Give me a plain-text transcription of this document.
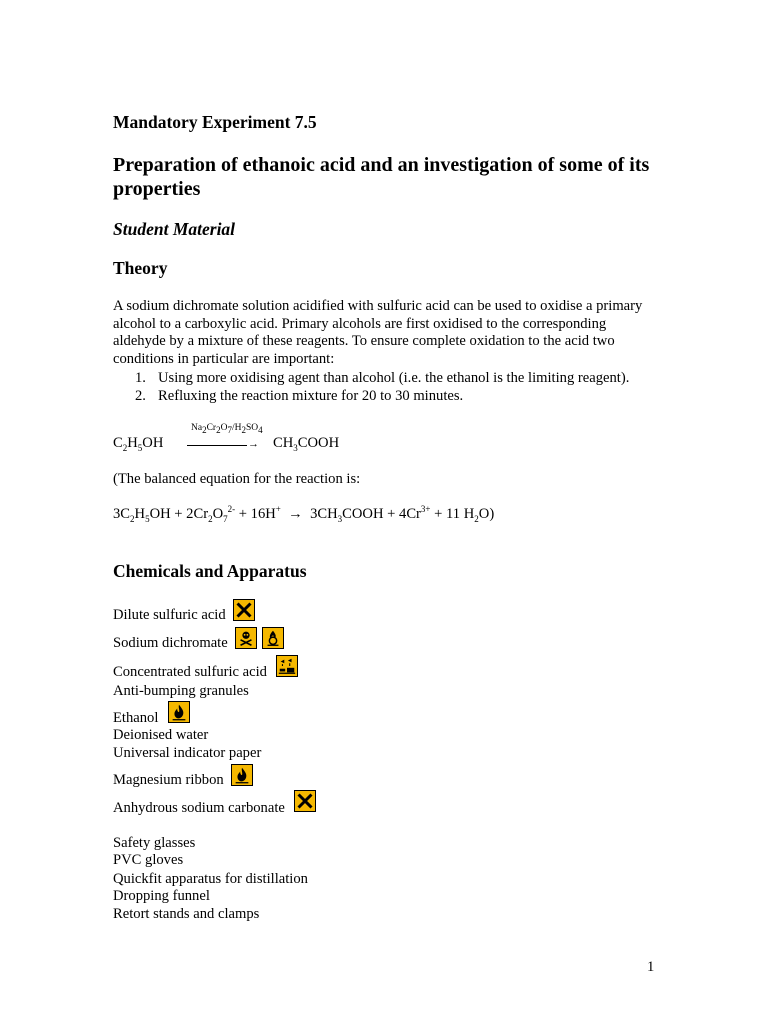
Mandatory Experiment 7.5
Preparation of ethanoic acid and an investigation of some of its properties
Student Material
Theory
A sodium dichromate solution acidified with sulfuric acid can be used to oxidise a primary alcohol to a carboxylic acid. Primary alcohols are first oxidised to the corresponding aldehyde by a mixture of these reagents. To ensure complete oxidation to the acid two conditions in particular are important:
1. Using more oxidising agent than alcohol (i.e. the ethanol is the limiting reagent).
2. Refluxing the reaction mixture for 20 to 30 minutes.
$Na_2Cr_2O_7/H_2SO_4$
$C_2H_5OH$	→ $CH_3COOH$
(The balanced equation for the reaction is:
$3C_2H_5OH + 2Cr_2O_7^{2-} + 16H^+$  →  $3CH_3COOH + 4Cr^{3+} + 11$ $H_2O$)
Chemicals and Apparatus
Dilute sulfuric acid
Sodium dichromate
Concentrated sulfuric acid
Anti-bumping granules
Ethanol
Deionised water
Universal indicator paper
Magnesium ribbon
Anhydrous sodium carbonate
Safety glasses
PVC gloves
Quickfit apparatus for distillation
Dropping funnel
Retort stands and clamps
1
